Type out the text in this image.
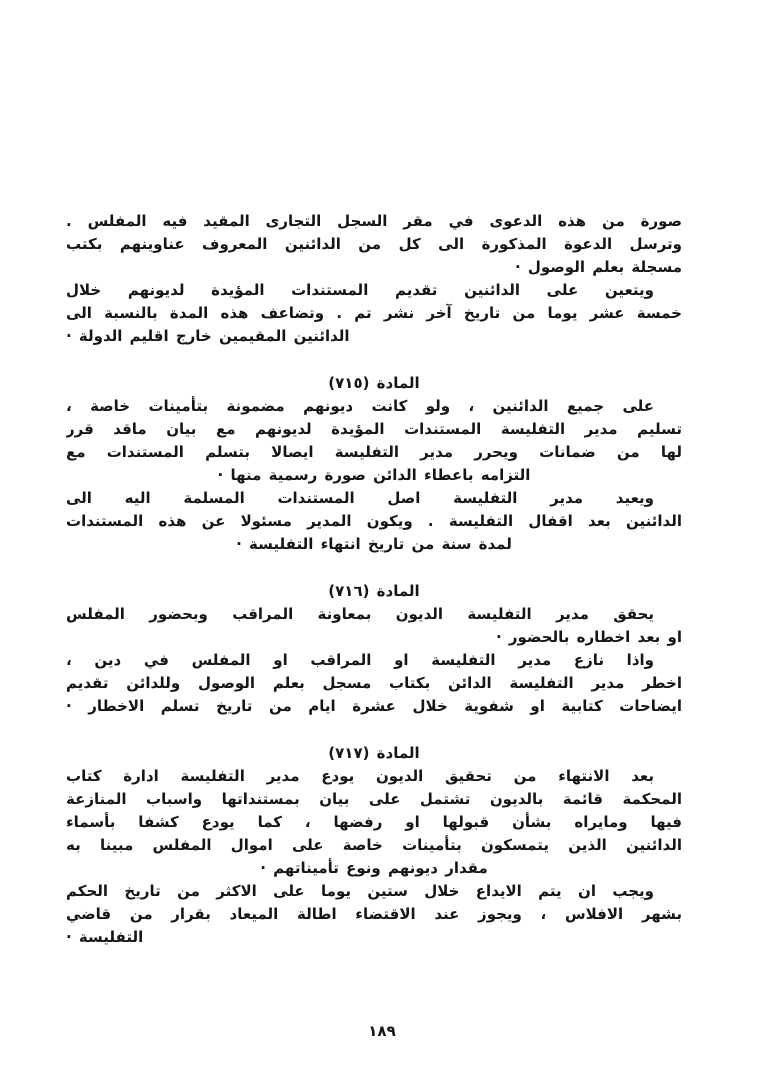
صورة من هذه الدعوى في مقر السجل التجارى المقيد فيه المفلس .
وترسل الدعوة المذكورة الى كل من الدائنين المعروف عناوينهم بكتب
مسجلة بعلم الوصول ·
ويتعين على الدائنين تقديم المستندات المؤيدة لديونهم خلال
خمسة عشر يوما من تاريخ آخر نشر تم . وتضاعف هذه المدة بالنسبة الى
الدائنين المقيمين خارج اقليم الدولة ·
المادة (٧١٥)
على جميع الدائنين ، ولو كانت ديونهم مضمونة بتأمينات خاصة ،
تسليم مدير التفليسة المستندات المؤيدة لديونهم مع بيان ماقد قرر
لها من ضمانات ويحرر مدير التفليسة ايصالا بتسلم المستندات مع
التزامه باعطاء الدائن صورة رسمية منها ·
ويعيد مدير التفليسة اصل المستندات المسلمة اليه الى
الدائنين بعد اقفال التفليسة . ويكون المدير مسئولا عن هذه المستندات
لمدة سنة من تاريخ انتهاء التفليسة ·
المادة (٧١٦)
يحقق مدير التفليسة الديون بمعاونة المراقب وبحضور المفلس
او بعد اخطاره بالحضور ·
واذا نازع مدير التفليسة او المراقب او المفلس في دين ،
اخطر مدير التفليسة الدائن بكتاب مسجل بعلم الوصول وللدائن تقديم
ايضاحات كتابية او شفوية خلال عشرة ايام من تاريخ تسلم الاخطار ·
المادة (٧١٧)
بعد الانتهاء من تحقيق الديون يودع مدير التفليسة ادارة كتاب
المحكمة قائمة بالديون تشتمل على بيان بمستنداتها واسباب المنازعة
فيها ومايراه بشأن قبولها او رفضها ، كما يودع كشفا بأسماء
الدائنين الذين يتمسكون بتأمينات خاصة على اموال المفلس مبينا به
مقدار ديونهم ونوع تأميناتهم ·
ويجب ان يتم الايداع خلال ستين يوما على الاكثر من تاريخ الحكم
بشهر الافلاس ، ويجوز عند الاقتضاء اطالة الميعاد بقرار من قاضي
التفليسة ·
١٨٩
